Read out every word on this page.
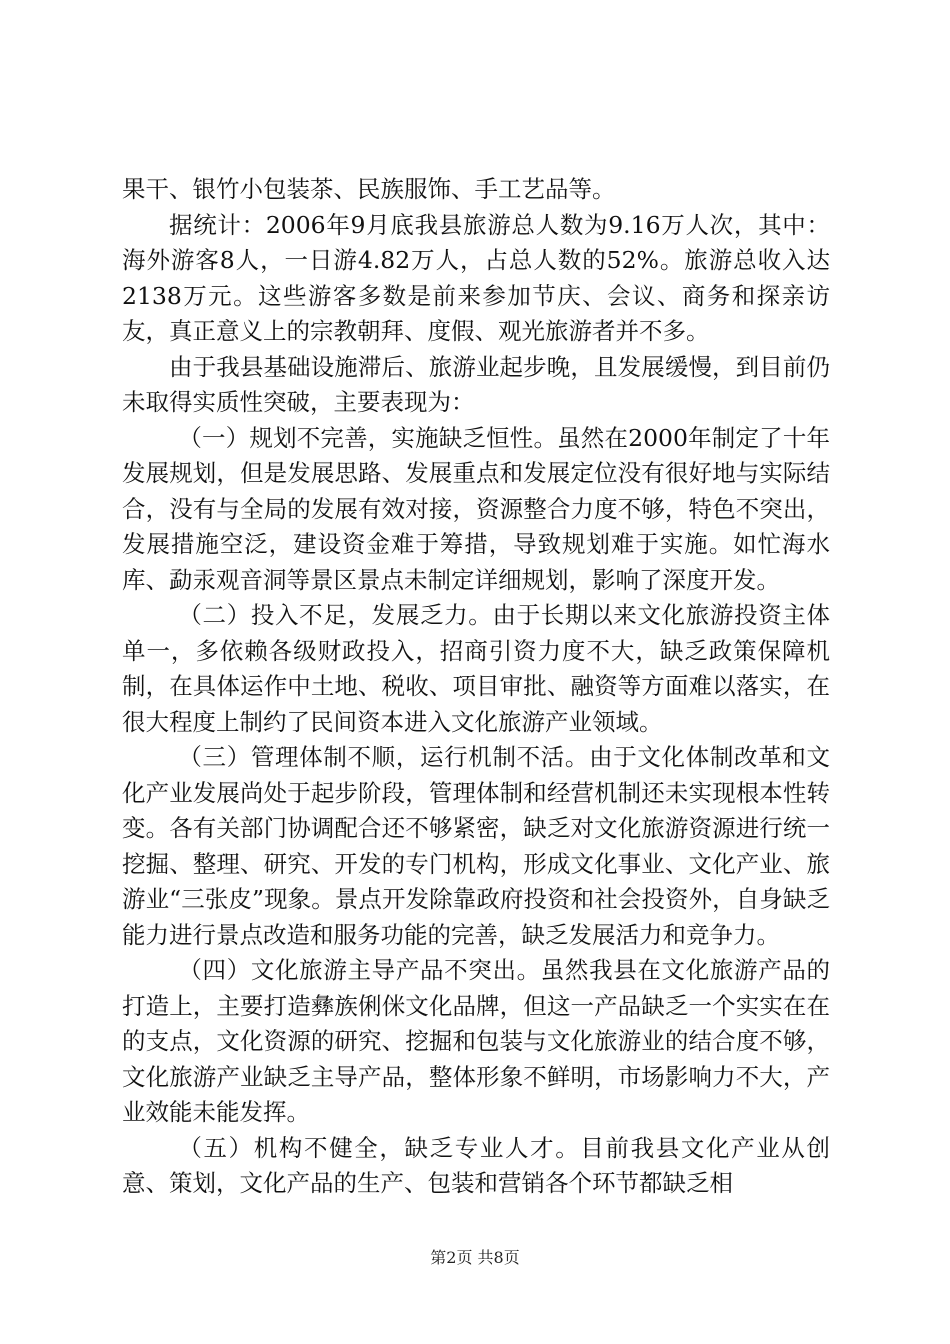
果干、银竹小包装茶、民族服饰、手工艺品等。

据统计：2006年9月底我县旅游总人数为9.16万人次，其中：海外游客8人，一日游4.82万人，占总人数的52%。旅游总收入达2138万元。这些游客多数是前来参加节庆、会议、商务和探亲访友，真正意义上的宗教朝拜、度假、观光旅游者并不多。

由于我县基础设施滞后、旅游业起步晚，且发展缓慢，到目前仍未取得实质性突破，主要表现为：

（一）规划不完善，实施缺乏恒性。虽然在2000年制定了十年发展规划，但是发展思路、发展重点和发展定位没有很好地与实际结合，没有与全局的发展有效对接，资源整合力度不够，特色不突出，发展措施空泛，建设资金难于筹措，导致规划难于实施。如忙海水库、勐汞观音洞等景区景点未制定详细规划，影响了深度开发。

（二）投入不足，发展乏力。由于长期以来文化旅游投资主体单一，多依赖各级财政投入，招商引资力度不大，缺乏政策保障机制，在具体运作中土地、税收、项目审批、融资等方面难以落实，在很大程度上制约了民间资本进入文化旅游产业领域。

（三）管理体制不顺，运行机制不活。由于文化体制改革和文化产业发展尚处于起步阶段，管理体制和经营机制还未实现根本性转变。各有关部门协调配合还不够紧密，缺乏对文化旅游资源进行统一挖掘、整理、研究、开发的专门机构，形成文化事业、文化产业、旅游业“三张皮”现象。景点开发除靠政府投资和社会投资外，自身缺乏能力进行景点改造和服务功能的完善，缺乏发展活力和竞争力。

（四）文化旅游主导产品不突出。虽然我县在文化旅游产品的打造上，主要打造彝族俐侎文化品牌，但这一产品缺乏一个实实在在的支点，文化资源的研究、挖掘和包装与文化旅游业的结合度不够，文化旅游产业缺乏主导产品，整体形象不鲜明，市场影响力不大，产业效能未能发挥。

（五）机构不健全，缺乏专业人才。目前我县文化产业从创意、策划，文化产品的生产、包装和营销各个环节都缺乏相

第2页 共8页
